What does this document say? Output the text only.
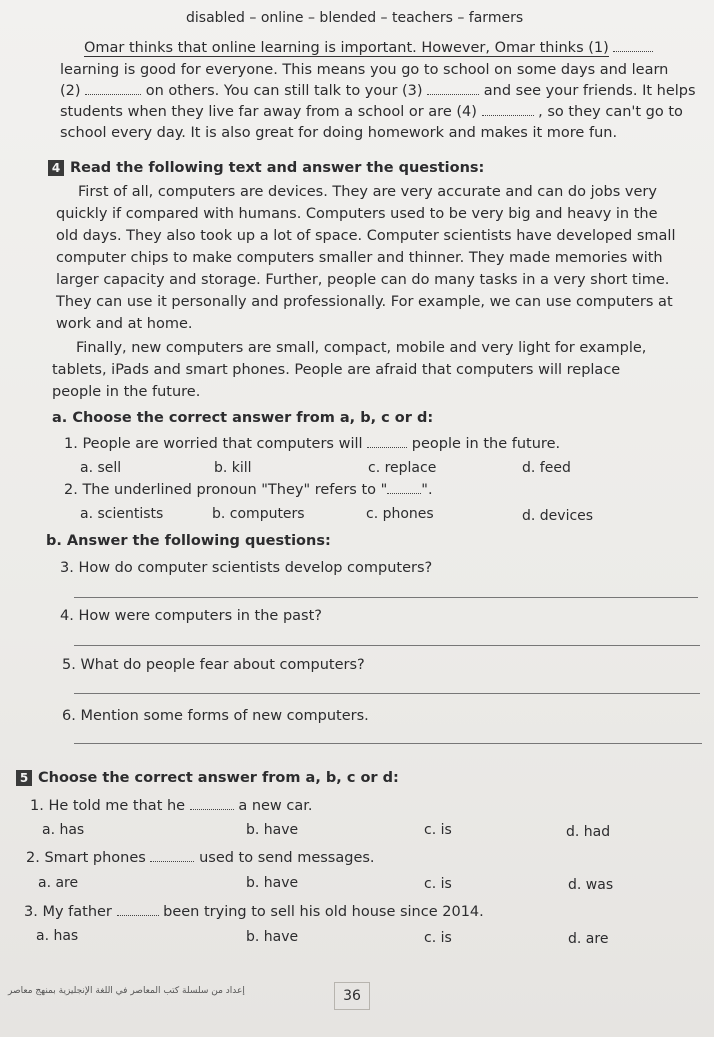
disabled – online – blended – teachers – farmers
Omar thinks that online learning is important. However, Omar thinks (1)
learning is good for everyone. This means you go to school on some days and learn
(2)	on others. You can still talk to your (3)	and see your friends. It helps
students when they live far away from a school or are (4)	, so they can't go to
school every day. It is also great for doing homework and makes it more fun.
4 Read the following text and answer the questions:
First of all, computers are devices. They are very accurate and can do jobs very
quickly if compared with humans. Computers used to be very big and heavy in the
old days. They also took up a lot of space. Computer scientists have developed small
computer chips to make computers smaller and thinner. They made memories with
larger capacity and storage. Further, people can do many tasks in a very short time.
They can use it personally and professionally. For example, we can use computers at
work and at home.
Finally, new computers are small, compact, mobile and very light for example,
tablets, iPads and smart phones. People are afraid that computers will replace
people in the future.
a. Choose the correct answer from a, b, c or d:
1. People are worried that computers will	people in the future.
a. sell	b. kill	c. replace	d. feed
2. The underlined pronoun "They" refers to " ".
a. scientists	b. computers	c. phones	d. devices
b. Answer the following questions:
3. How do computer scientists develop computers?
4. How were computers in the past?
5. What do people fear about computers?
6. Mention some forms of new computers.
5 Choose the correct answer from a, b, c or d:
1. He told me that he	a new car.
a. has	b. have	c. is	d. had
2. Smart phones	used to send messages.
a. are	b. have	c. is	d. was
3. My father	been trying to sell his old house since 2014.
a. has	b. have	c. is	d. are
إعداد من سلسلة كتب المعاصر في اللغة الإنجليزية بمنهج معاصر	36
